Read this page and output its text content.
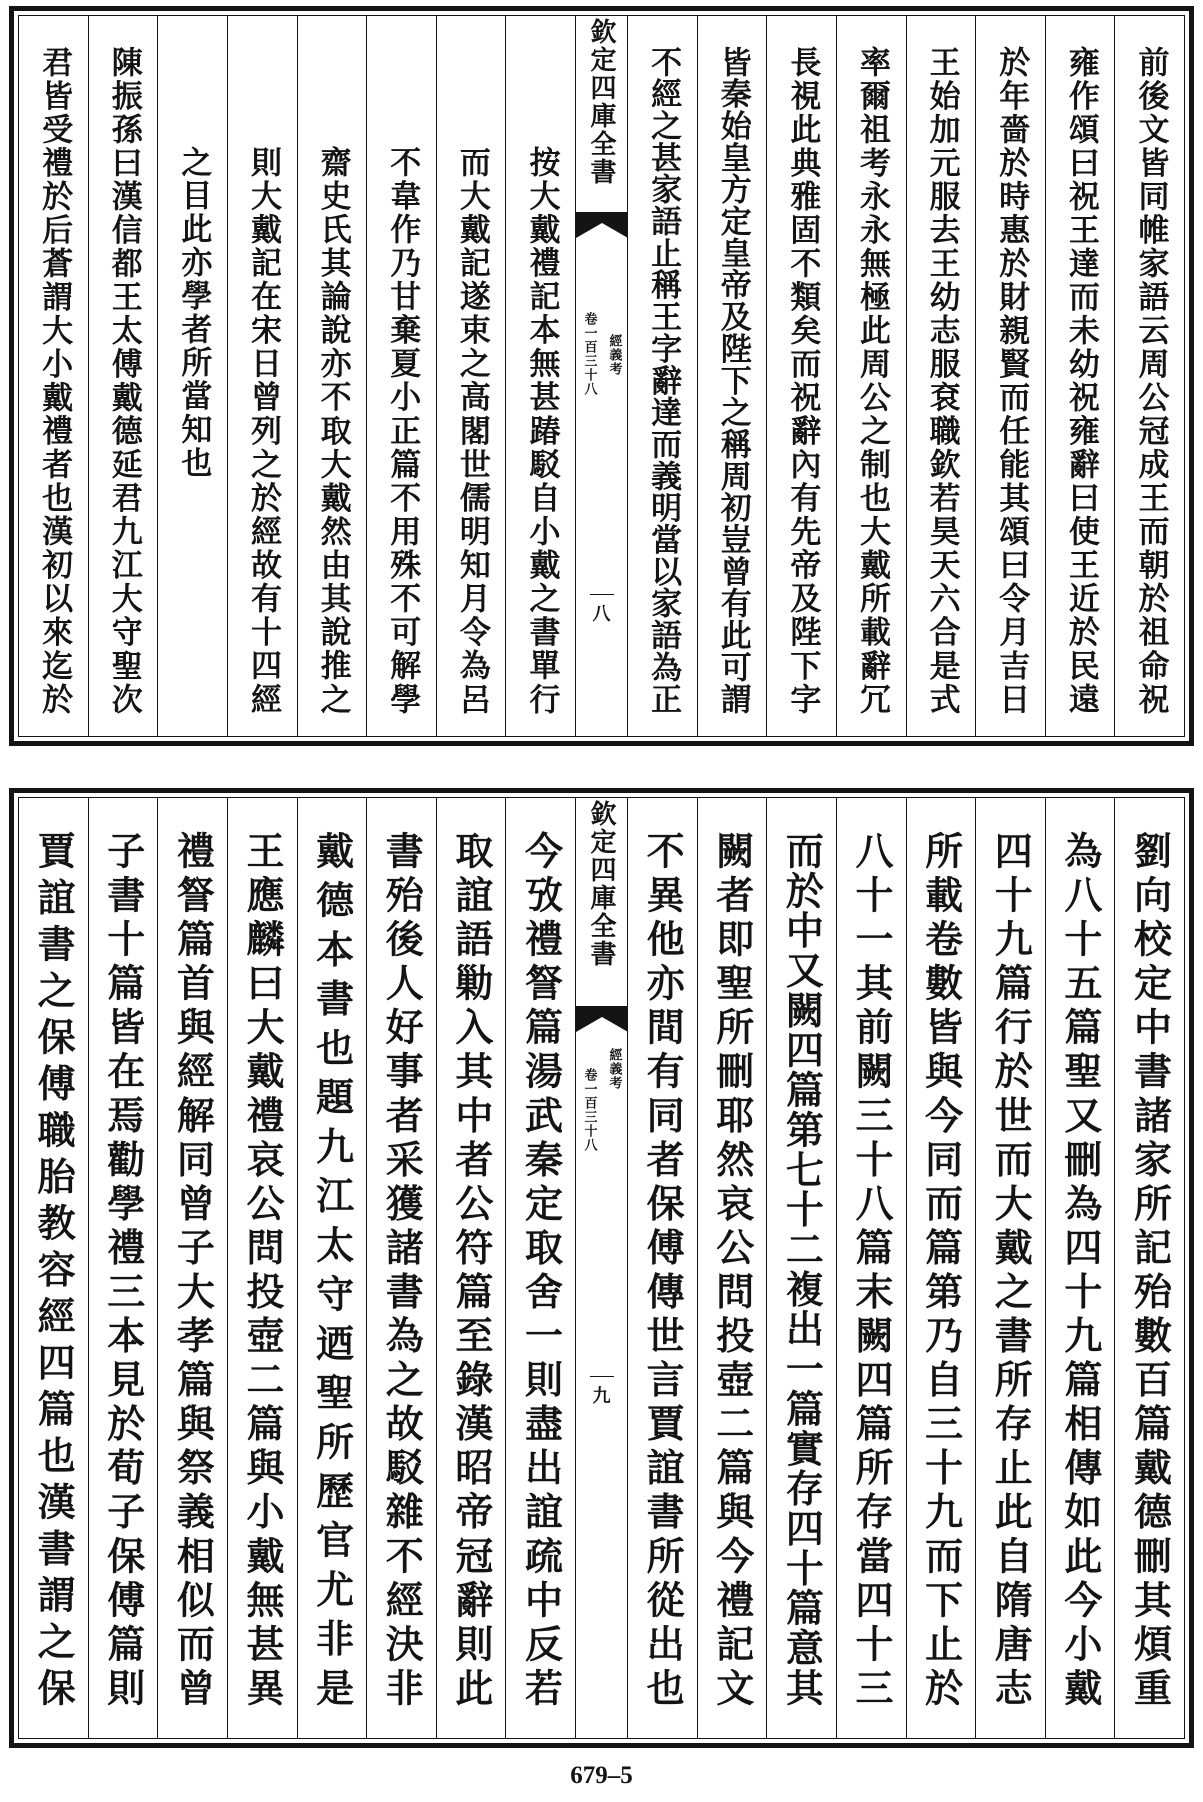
前後文皆同帷家語云周公冠成王而朝於祖命祝
雍作頌曰祝王達而未幼祝雍辭曰使王近於民遠
於年嗇於時惠於財親賢而任能其頌曰令月吉日
王始加元服去王幼志服袞職欽若昊天六合是式
率爾祖考永永無極此周公之制也大戴所載辭冗
長視此典雅固不類矣而祝辭內有先帝及陛下字
皆秦始皇方定皇帝及陛下之稱周初豈曾有此可謂
不經之甚家語止稱王字辭達而義明當以家語為正
欽定四庫全書
經義考
卷一百三十八
八
按大戴禮記本無甚踳駁自小戴之書單行
而大戴記遂束之高閣世儒明知月令為呂
不韋作乃甘棄夏小正篇不用殊不可解學
齋史氏其論說亦不取大戴然由其說推之
則大戴記在宋日曾列之於經故有十四經
之目此亦學者所當知也
陳振孫曰漢信都王太傅戴德延君九江大守聖次
君皆受禮於后蒼謂大小戴禮者也漢初以來迄於
劉向校定中書諸家所記殆數百篇戴德刪其煩重
為八十五篇聖又刪為四十九篇相傳如此今小戴
四十九篇行於世而大戴之書所存止此自隋唐志
所載卷數皆與今同而篇第乃自三十九而下止於
八十一其前闕三十八篇末闕四篇所存當四十三
而於中又闕四篇第七十二複出一篇實存四十篇意其
闕者即聖所刪耶然哀公問投壺二篇與今禮記文
不異他亦間有同者保傅傳世言賈誼書所從出也
欽定四庫全書
經義考
卷一百三十八
九
今攷禮詧篇湯武秦定取舍一則盡出誼疏中反若
取誼語勦入其中者公符篇至錄漢昭帝冠辭則此
書殆後人好事者采獲諸書為之故駁雜不經決非
戴德本書也題九江太守迺聖所歷官尤非是
王應麟曰大戴禮哀公問投壺二篇與小戴無甚異
禮詧篇首與經解同曾子大孝篇與祭義相似而曾
子書十篇皆在焉勸學禮三本見於荀子保傅篇則
賈誼書之保傅職胎教容經四篇也漢書謂之保
679–5
